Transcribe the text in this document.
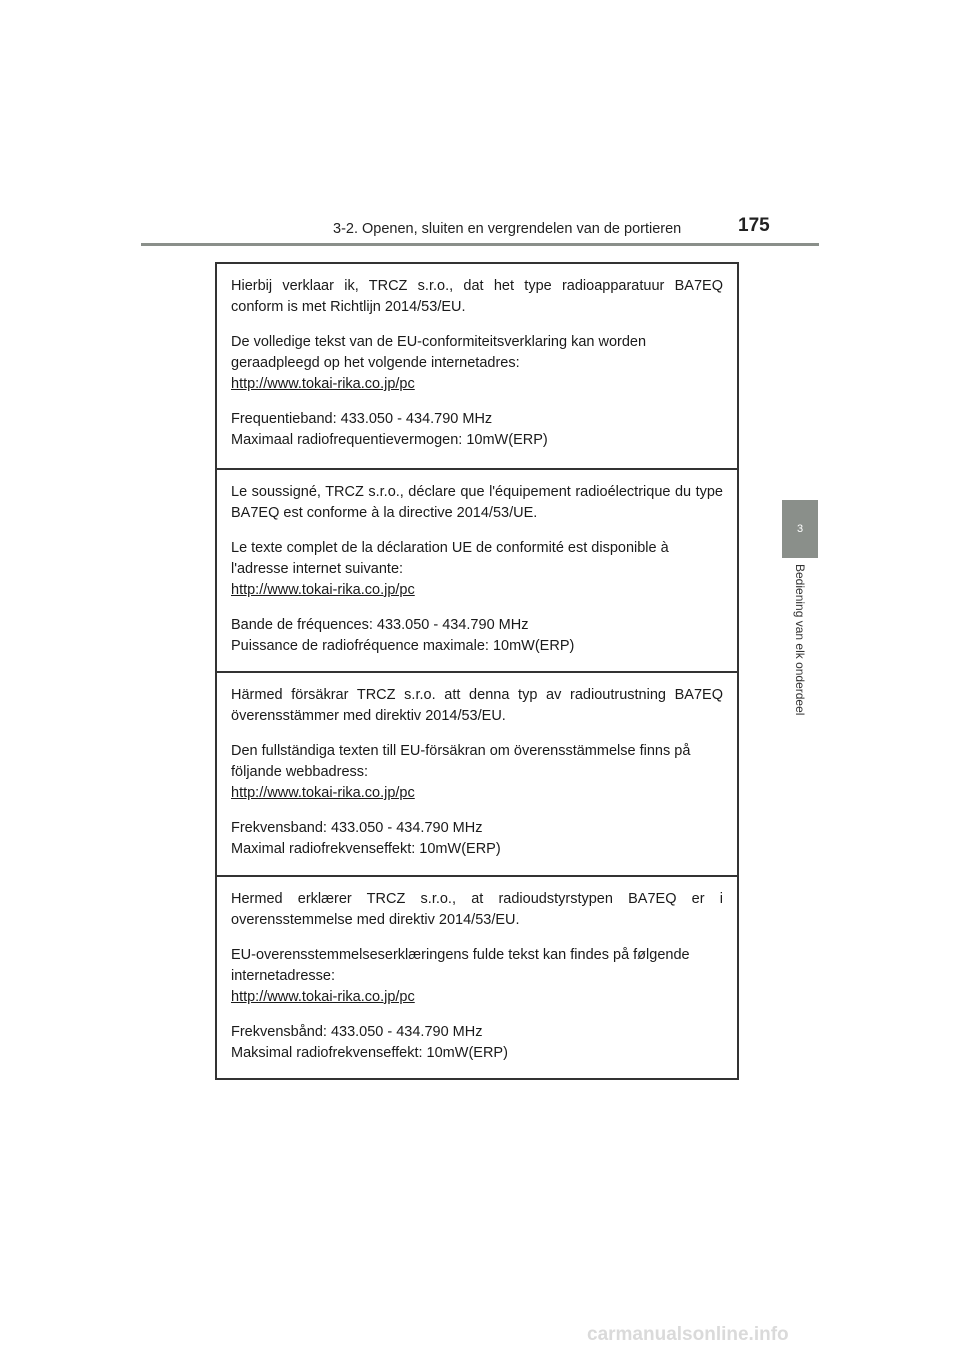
3-2. Openen, sluiten en vergrendelen van de portieren	175
3
Bediening van elk onderdeel

Hierbij verklaar ik, TRCZ s.r.o., dat het type radioapparatuur BA7EQ conform is met Richtlijn 2014/53/EU.

De volledige tekst van de EU-conformiteitsverklaring kan worden geraadpleegd op het volgende internetadres:

http://www.tokai-rika.co.jp/pc

Frequentieband: 433.050 - 434.790 MHz

Maximaal radiofrequentievermogen: 10mW(ERP)

Le soussigné, TRCZ s.r.o., déclare que l'équipement radioélectrique du type BA7EQ est conforme à la directive 2014/53/UE.

Le texte complet de la déclaration UE de conformité est disponible à l'adresse internet suivante:

http://www.tokai-rika.co.jp/pc

Bande de fréquences: 433.050 - 434.790 MHz

Puissance de radiofréquence maximale: 10mW(ERP)

Härmed försäkrar TRCZ s.r.o. att denna typ av radioutrustning BA7EQ överensstämmer med direktiv 2014/53/EU.

Den fullständiga texten till EU-försäkran om överensstämmelse finns på följande webbadress:

http://www.tokai-rika.co.jp/pc

Frekvensband: 433.050 - 434.790 MHz

Maximal radiofrekvenseffekt: 10mW(ERP)

Hermed erklærer TRCZ s.r.o., at radioudstyrstypen BA7EQ er i overensstemmelse med direktiv 2014/53/EU.

EU-overensstemmelseserklæringens fulde tekst kan findes på følgende internetadresse:

http://www.tokai-rika.co.jp/pc

Frekvensbånd: 433.050 - 434.790 MHz

Maksimal radiofrekvenseffekt: 10mW(ERP)

carmanualsonline.info
